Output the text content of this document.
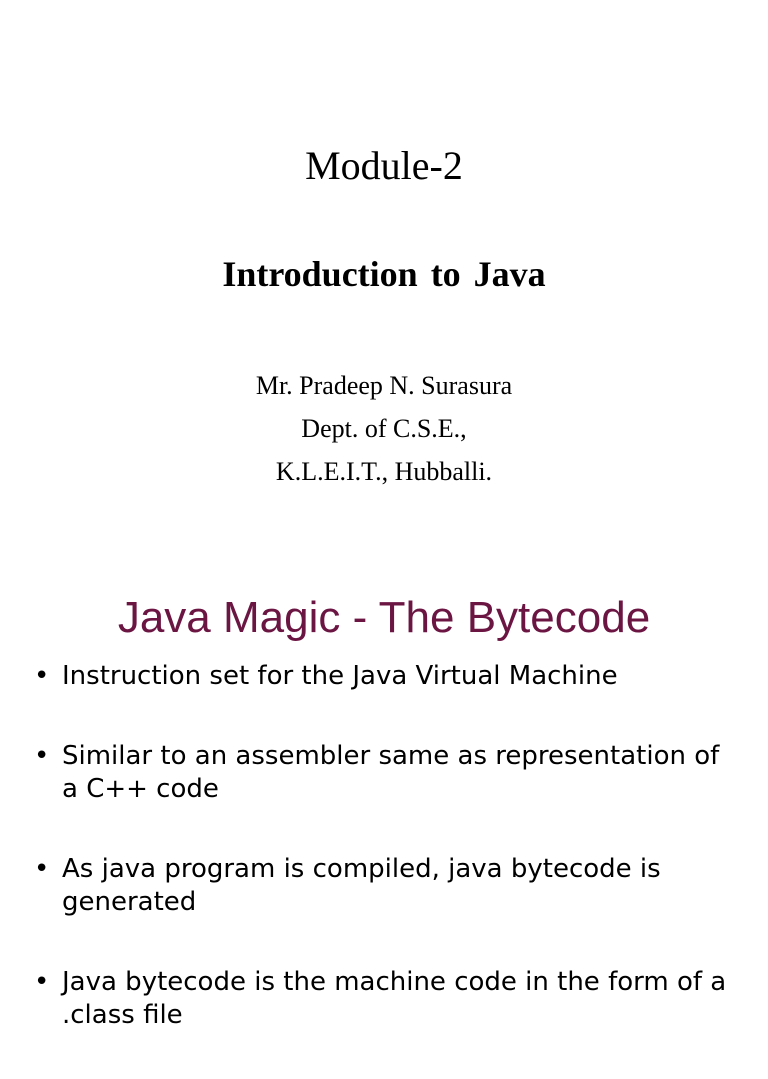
Module-2
Introduction to Java
Mr. Pradeep N. Surasura
Dept. of C.S.E.,
K.L.E.I.T., Hubballi.
Java Magic - The Bytecode
• Instruction set for the Java Virtual Machine
• Similar to an assembler same as representation of a C++ code
• As java program is compiled, java bytecode is generated
• Java bytecode is the machine code in the form of a .class file
